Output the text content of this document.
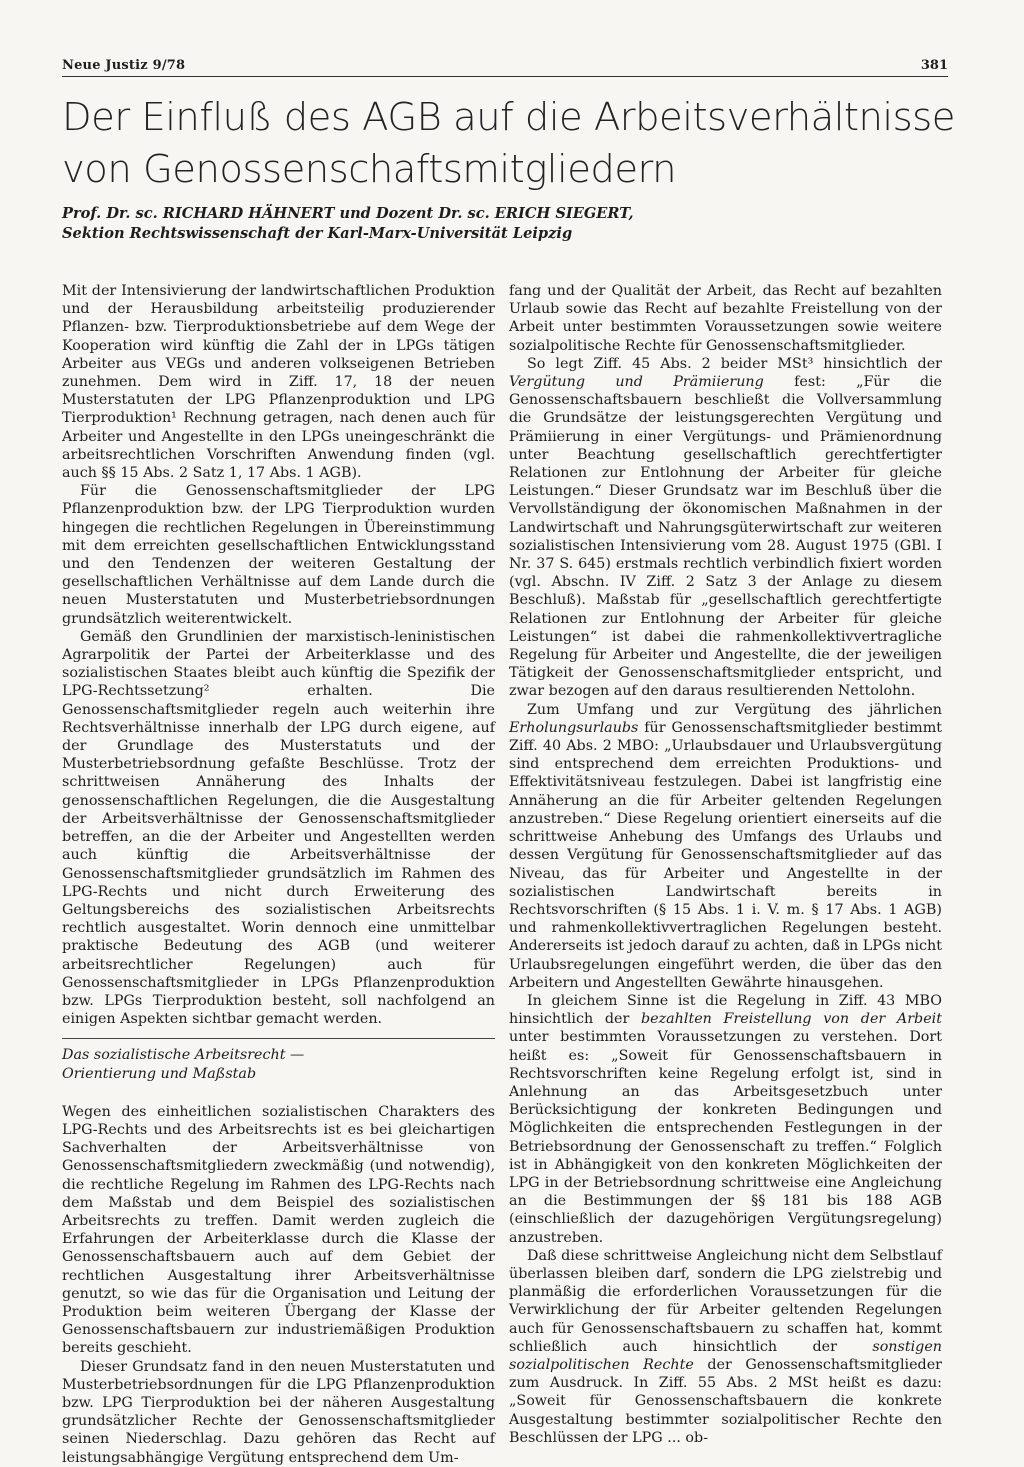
Neue Justiz 9/78	381
Der Einfluß des AGB auf die Arbeitsverhältnisse
von Genossenschaftsmitgliedern
Prof. Dr. sc. RICHARD HÄHNERT und Dozent Dr. sc. ERICH SIEGERT,
Sektion Rechtswissenschaft der Karl-Marx-Universität Leipzig

Mit der Intensivierung der landwirtschaftlichen Produktion und der Herausbildung arbeitsteilig produzierender Pflanzen- bzw. Tierproduktionsbetriebe auf dem Wege der Kooperation wird künftig die Zahl der in LPGs tätigen Arbeiter aus VEGs und anderen volkseigenen Betrieben zunehmen. Dem wird in Ziff. 17, 18 der neuen Musterstatuten der LPG Pflanzenproduktion und LPG Tierproduktion¹ Rechnung getragen, nach denen auch für Arbeiter und Angestellte in den LPGs uneingeschränkt die arbeitsrechtlichen Vorschriften Anwendung finden (vgl. auch §§ 15 Abs. 2 Satz 1, 17 Abs. 1 AGB).

Für die Genossenschaftsmitglieder der LPG Pflanzenproduktion bzw. der LPG Tierproduktion wurden hingegen die rechtlichen Regelungen in Übereinstimmung mit dem erreichten gesellschaftlichen Entwicklungsstand und den Tendenzen der weiteren Gestaltung der gesellschaftlichen Verhältnisse auf dem Lande durch die neuen Musterstatuten und Musterbetriebsordnungen grundsätzlich weiterentwickelt.

Gemäß den Grundlinien der marxistisch-leninistischen Agrarpolitik der Partei der Arbeiterklasse und des sozialistischen Staates bleibt auch künftig die Spezifik der LPG-Rechtssetzung² erhalten. Die Genossenschaftsmitglieder regeln auch weiterhin ihre Rechtsverhältnisse innerhalb der LPG durch eigene, auf der Grundlage des Musterstatuts und der Musterbetriebsordnung gefaßte Beschlüsse. Trotz der schrittweisen Annäherung des Inhalts der genossenschaftlichen Regelungen, die die Ausgestaltung der Arbeitsverhältnisse der Genossenschaftsmitglieder betreffen, an die der Arbeiter und Angestellten werden auch künftig die Arbeitsverhältnisse der Genossenschaftsmitglieder grundsätzlich im Rahmen des LPG-Rechts und nicht durch Erweiterung des Geltungsbereichs des sozialistischen Arbeitsrechts rechtlich ausgestaltet. Worin dennoch eine unmittelbar praktische Bedeutung des AGB (und weiterer arbeitsrechtlicher Regelungen) auch für Genossenschaftsmitglieder in LPGs Pflanzenproduktion bzw. LPGs Tierproduktion besteht, soll nachfolgend an einigen Aspekten sichtbar gemacht werden.

Das sozialistische Arbeitsrecht —
Orientierung und Maßstab

Wegen des einheitlichen sozialistischen Charakters des LPG-Rechts und des Arbeitsrechts ist es bei gleichartigen Sachverhalten der Arbeitsverhältnisse von Genossenschaftsmitgliedern zweckmäßig (und notwendig), die rechtliche Regelung im Rahmen des LPG-Rechts nach dem Maßstab und dem Beispiel des sozialistischen Arbeitsrechts zu treffen. Damit werden zugleich die Erfahrungen der Arbeiterklasse durch die Klasse der Genossenschaftsbauern auch auf dem Gebiet der rechtlichen Ausgestaltung ihrer Arbeitsverhältnisse genutzt, so wie das für die Organisation und Leitung der Produktion beim weiteren Übergang der Klasse der Genossenschaftsbauern zur industriemäßigen Produktion bereits geschieht.

Dieser Grundsatz fand in den neuen Musterstatuten und Musterbetriebsordnungen für die LPG Pflanzenproduktion bzw. LPG Tierproduktion bei der näheren Ausgestaltung grundsätzlicher Rechte der Genossenschaftsmitglieder seinen Niederschlag. Dazu gehören das Recht auf leistungsabhängige Vergütung entsprechend dem Um-

fang und der Qualität der Arbeit, das Recht auf bezahlten Urlaub sowie das Recht auf bezahlte Freistellung von der Arbeit unter bestimmten Voraussetzungen sowie weitere sozialpolitische Rechte für Genossenschaftsmitglieder.

So legt Ziff. 45 Abs. 2 beider MSt³ hinsichtlich der Vergütung und Prämiierung fest: „Für die Genossenschaftsbauern beschließt die Vollversammlung die Grundsätze der leistungsgerechten Vergütung und Prämiierung in einer Vergütungs- und Prämienordnung unter Beachtung gesellschaftlich gerechtfertigter Relationen zur Entlohnung der Arbeiter für gleiche Leistungen.“ Dieser Grundsatz war im Beschluß über die Vervollständigung der ökonomischen Maßnahmen in der Landwirtschaft und Nahrungsgüterwirtschaft zur weiteren sozialistischen Intensivierung vom 28. August 1975 (GBl. I Nr. 37 S. 645) erstmals rechtlich verbindlich fixiert worden (vgl. Abschn. IV Ziff. 2 Satz 3 der Anlage zu diesem Beschluß). Maßstab für „gesellschaftlich gerechtfertigte Relationen zur Entlohnung der Arbeiter für gleiche Leistungen“ ist dabei die rahmenkollektivvertragliche Regelung für Arbeiter und Angestellte, die der jeweiligen Tätigkeit der Genossenschaftsmitglieder entspricht, und zwar bezogen auf den daraus resultierenden Nettolohn.

Zum Umfang und zur Vergütung des jährlichen Erholungsurlaubs für Genossenschaftsmitglieder bestimmt Ziff. 40 Abs. 2 MBO: „Urlaubsdauer und Urlaubsvergütung sind entsprechend dem erreichten Produktions- und Effektivitätsniveau festzulegen. Dabei ist langfristig eine Annäherung an die für Arbeiter geltenden Regelungen anzustreben.“ Diese Regelung orientiert einerseits auf die schrittweise Anhebung des Umfangs des Urlaubs und dessen Vergütung für Genossenschaftsmitglieder auf das Niveau, das für Arbeiter und Angestellte in der sozialistischen Landwirtschaft bereits in Rechtsvorschriften (§ 15 Abs. 1 i. V. m. § 17 Abs. 1 AGB) und rahmenkollektivvertraglichen Regelungen besteht. Andererseits ist jedoch darauf zu achten, daß in LPGs nicht Urlaubsregelungen eingeführt werden, die über das den Arbeitern und Angestellten Gewährte hinausgehen.

In gleichem Sinne ist die Regelung in Ziff. 43 MBO hinsichtlich der bezahlten Freistellung von der Arbeit unter bestimmten Voraussetzungen zu verstehen. Dort heißt es: „Soweit für Genossenschaftsbauern in Rechtsvorschriften keine Regelung erfolgt ist, sind in Anlehnung an das Arbeitsgesetzbuch unter Berücksichtigung der konkreten Bedingungen und Möglichkeiten die entsprechenden Festlegungen in der Betriebsordnung der Genossenschaft zu treffen.“ Folglich ist in Abhängigkeit von den konkreten Möglichkeiten der LPG in der Betriebsordnung schrittweise eine Angleichung an die Bestimmungen der §§ 181 bis 188 AGB (einschließlich der dazugehörigen Vergütungsregelung) anzustreben.

Daß diese schrittweise Angleichung nicht dem Selbstlauf überlassen bleiben darf, sondern die LPG zielstrebig und planmäßig die erforderlichen Voraussetzungen für die Verwirklichung der für Arbeiter geltenden Regelungen auch für Genossenschaftsbauern zu schaffen hat, kommt schließlich auch hinsichtlich der sonstigen sozialpolitischen Rechte der Genossenschaftsmitglieder zum Ausdruck. In Ziff. 55 Abs. 2 MSt heißt es dazu: „Soweit für Genossenschaftsbauern die konkrete Ausgestaltung bestimmter sozialpolitischer Rechte den Beschlüssen der LPG ... ob-
